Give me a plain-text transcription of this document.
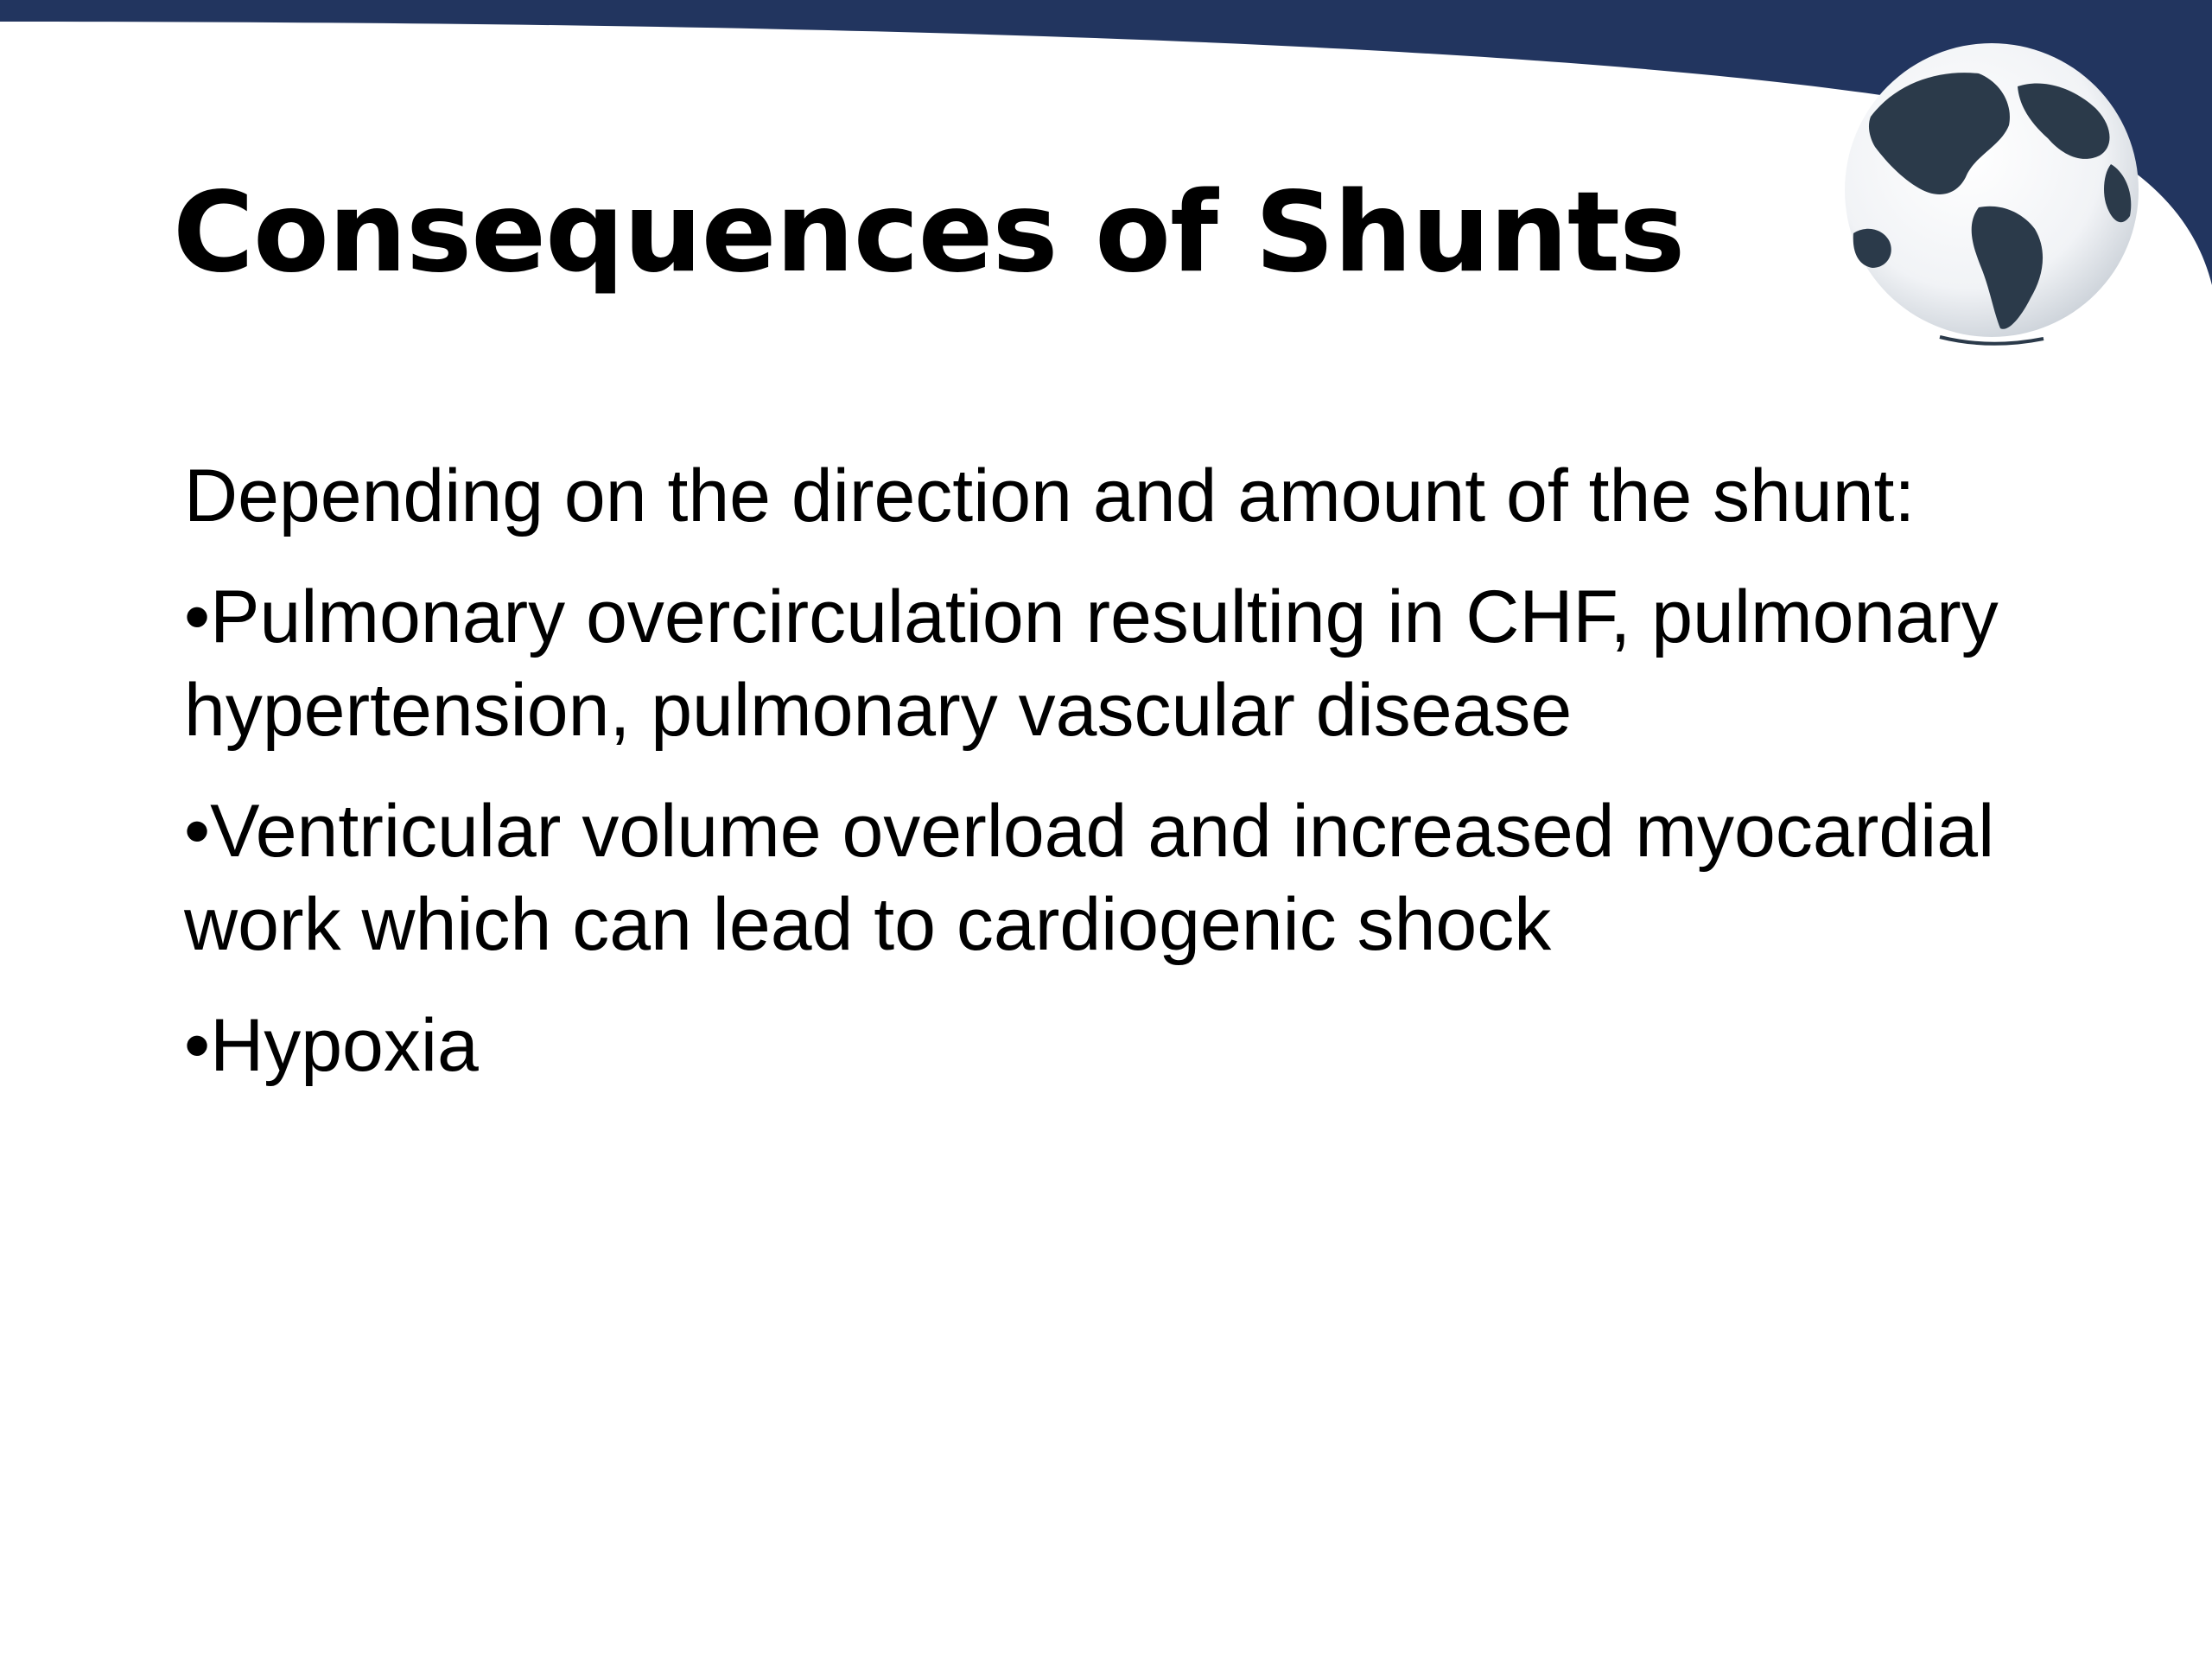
Consequences of Shunts

Depending on the direction and amount of the shunt:

•Pulmonary overcirculation resulting in CHF, pulmonary hypertension, pulmonary vascular disease

•Ventricular volume overload and increased myocardial work which can lead to cardiogenic shock

•Hypoxia
